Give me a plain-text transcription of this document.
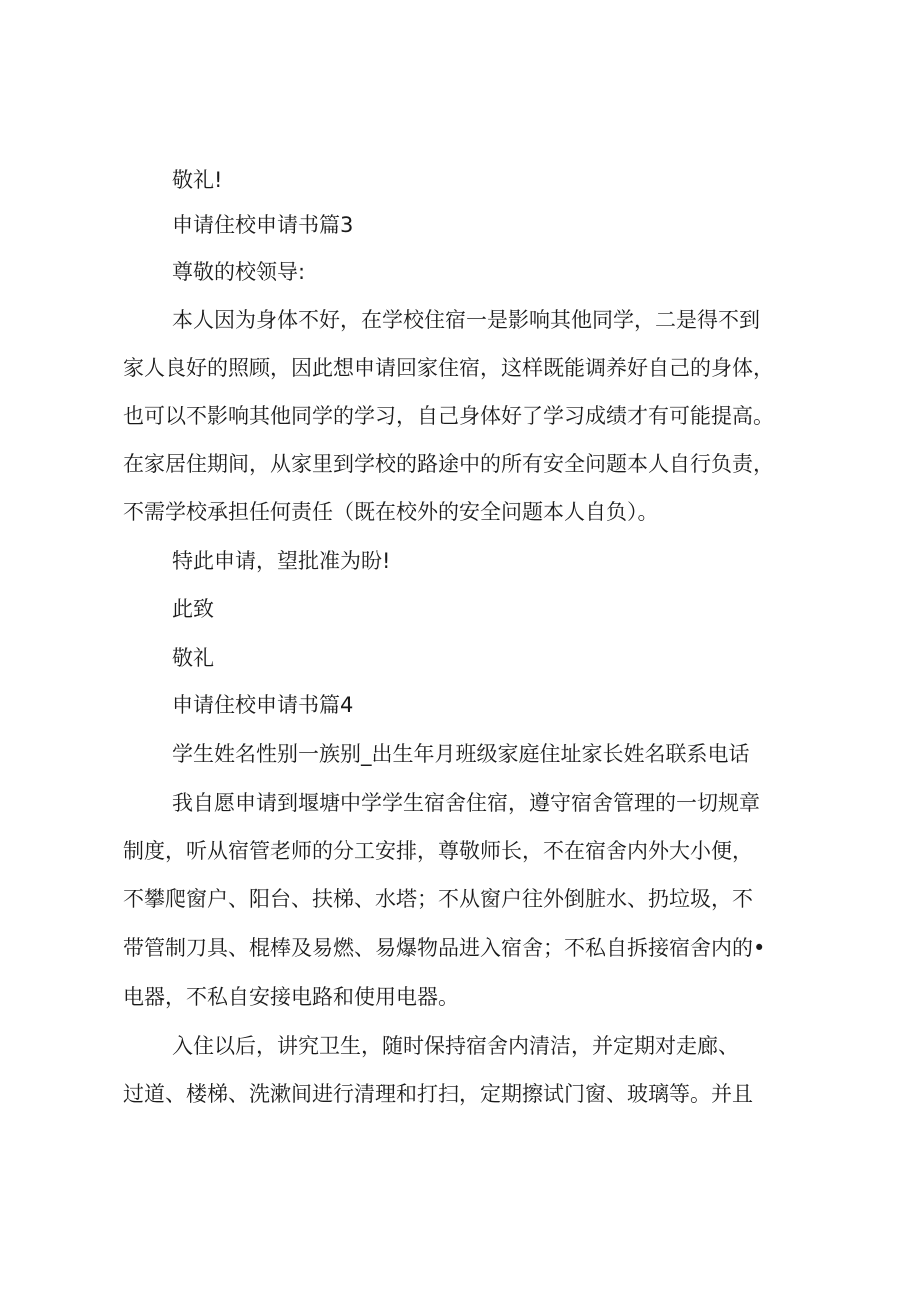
敬礼!
申请住校申请书篇3
尊敬的校领导:
本人因为身体不好，在学校住宿一是影响其他同学，二是得不到
家人良好的照顾，因此想申请回家住宿，这样既能调养好自己的身体，
也可以不影响其他同学的学习，自己身体好了学习成绩才有可能提高。
在家居住期间，从家里到学校的路途中的所有安全问题本人自行负责，
不需学校承担任何责任（既在校外的安全问题本人自负）。
特此申请，望批准为盼!
此致
敬礼
申请住校申请书篇4
学生姓名性别一族别_出生年月班级家庭住址家长姓名联系电话
我自愿申请到堰塘中学学生宿舍住宿，遵守宿舍管理的一切规章
制度，听从宿管老师的分工安排，尊敬师长，不在宿舍内外大小便，
不攀爬窗户、阳台、扶梯、水塔；不从窗户往外倒脏水、扔垃圾，不
带管制刀具、棍棒及易燃、易爆物品进入宿舍；不私自拆接宿舍内的•
电器，不私自安接电路和使用电器。
入住以后，讲究卫生，随时保持宿舍内清洁，并定期对走廊、
过道、楼梯、洗漱间进行清理和打扫，定期擦试门窗、玻璃等。并且
